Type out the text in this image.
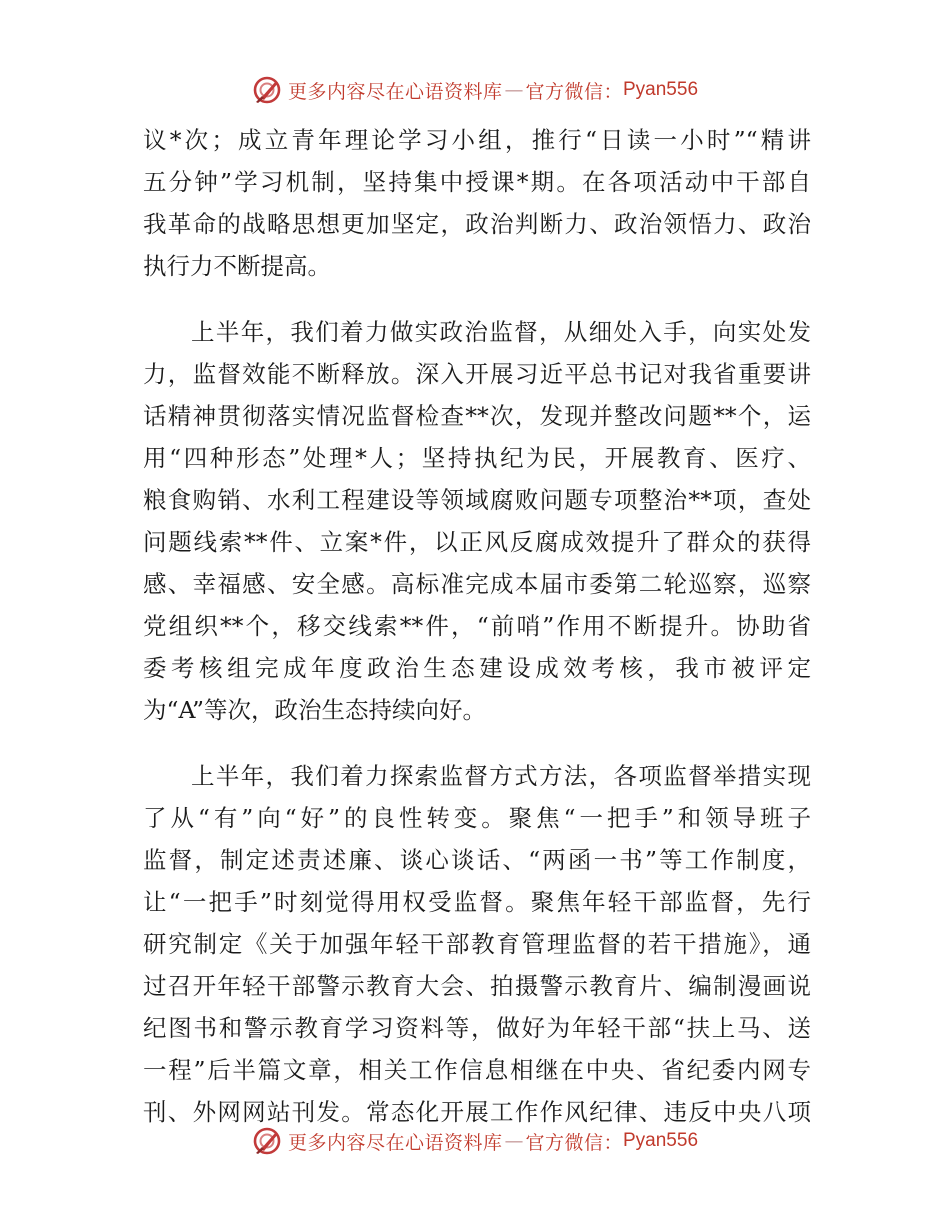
更多内容尽在心语资料库 — 官方微信： Pyan556
议*次；成立青年理论学习小组，推行“日读一小时”“精讲
五分钟”学习机制，坚持集中授课*期。在各项活动中干部自
我革命的战略思想更加坚定，政治判断力、政治领悟力、政治
执行力不断提高。
上半年，我们着力做实政治监督，从细处入手，向实处发
力，监督效能不断释放。深入开展习近平总书记对我省重要讲
话精神贯彻落实情况监督检查**次，发现并整改问题**个，运
用“四种形态”处理*人；坚持执纪为民，开展教育、医疗、
粮食购销、水利工程建设等领域腐败问题专项整治**项，查处
问题线索**件、立案*件，以正风反腐成效提升了群众的获得
感、幸福感、安全感。高标准完成本届市委第二轮巡察，巡察
党组织**个，移交线索**件，“前哨”作用不断提升。协助省
委考核组完成年度政治生态建设成效考核，我市被评定
为“A”等次，政治生态持续向好。
上半年，我们着力探索监督方式方法，各项监督举措实现
了从“有”向“好”的良性转变。聚焦“一把手”和领导班子
监督，制定述责述廉、谈心谈话、“两函一书”等工作制度，
让“一把手”时刻觉得用权受监督。聚焦年轻干部监督，先行
研究制定《关于加强年轻干部教育管理监督的若干措施》，通
过召开年轻干部警示教育大会、拍摄警示教育片、编制漫画说
纪图书和警示教育学习资料等，做好为年轻干部“扶上马、送
一程”后半篇文章，相关工作信息相继在中央、省纪委内网专
刊、外网网站刊发。常态化开展工作作风纪律、违反中央八项
更多内容尽在心语资料库 — 官方微信： Pyan556
